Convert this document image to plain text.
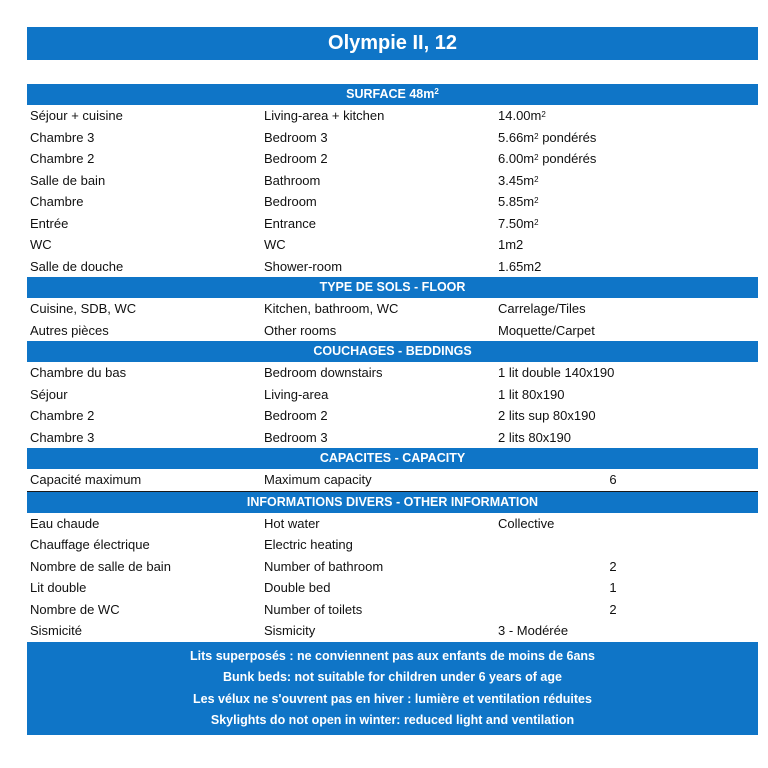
Olympie II, 12
SURFACE $48m^2$
Séjour + cuisine	Living-area + kitchen	$14.00m^2$
Chambre 3	Bedroom 3	$5.66m^2$ pondérés
Chambre 2	Bedroom 2	$6.00m^2$ pondérés
Salle de bain	Bathroom	$3.45m^2$
Chambre	Bedroom	$5.85m^2$
Entrée	Entrance	$7.50m^2$
WC	WC	1m2
Salle de douche	Shower-room	1.65m2
TYPE DE SOLS - FLOOR
Cuisine, SDB, WC	Kitchen, bathroom, WC	Carrelage/Tiles
Autres pièces	Other rooms	Moquette/Carpet
COUCHAGES - BEDDINGS
Chambre du bas	Bedroom downstairs	1 lit double 140x190
Séjour	Living-area	1 lit 80x190
Chambre 2	Bedroom 2	2 lits sup 80x190
Chambre 3	Bedroom 3	2 lits 80x190
CAPACITES - CAPACITY
Capacité maximum	Maximum capacity	6
INFORMATIONS DIVERS - OTHER INFORMATION
Eau chaude	Hot water	Collective
Chauffage électrique	Electric heating
Nombre de salle de bain	Number of bathroom	2
Lit double	Double bed	1
Nombre de WC	Number of toilets	2
Sismicité	Sismicity	3 - Modérée
Lits superposés : ne conviennent pas aux enfants de moins de 6ans
Bunk beds: not suitable for children under 6 years of age
Les vélux ne s'ouvrent pas en hiver : lumière et ventilation réduites
Skylights do not open in winter: reduced light and ventilation
